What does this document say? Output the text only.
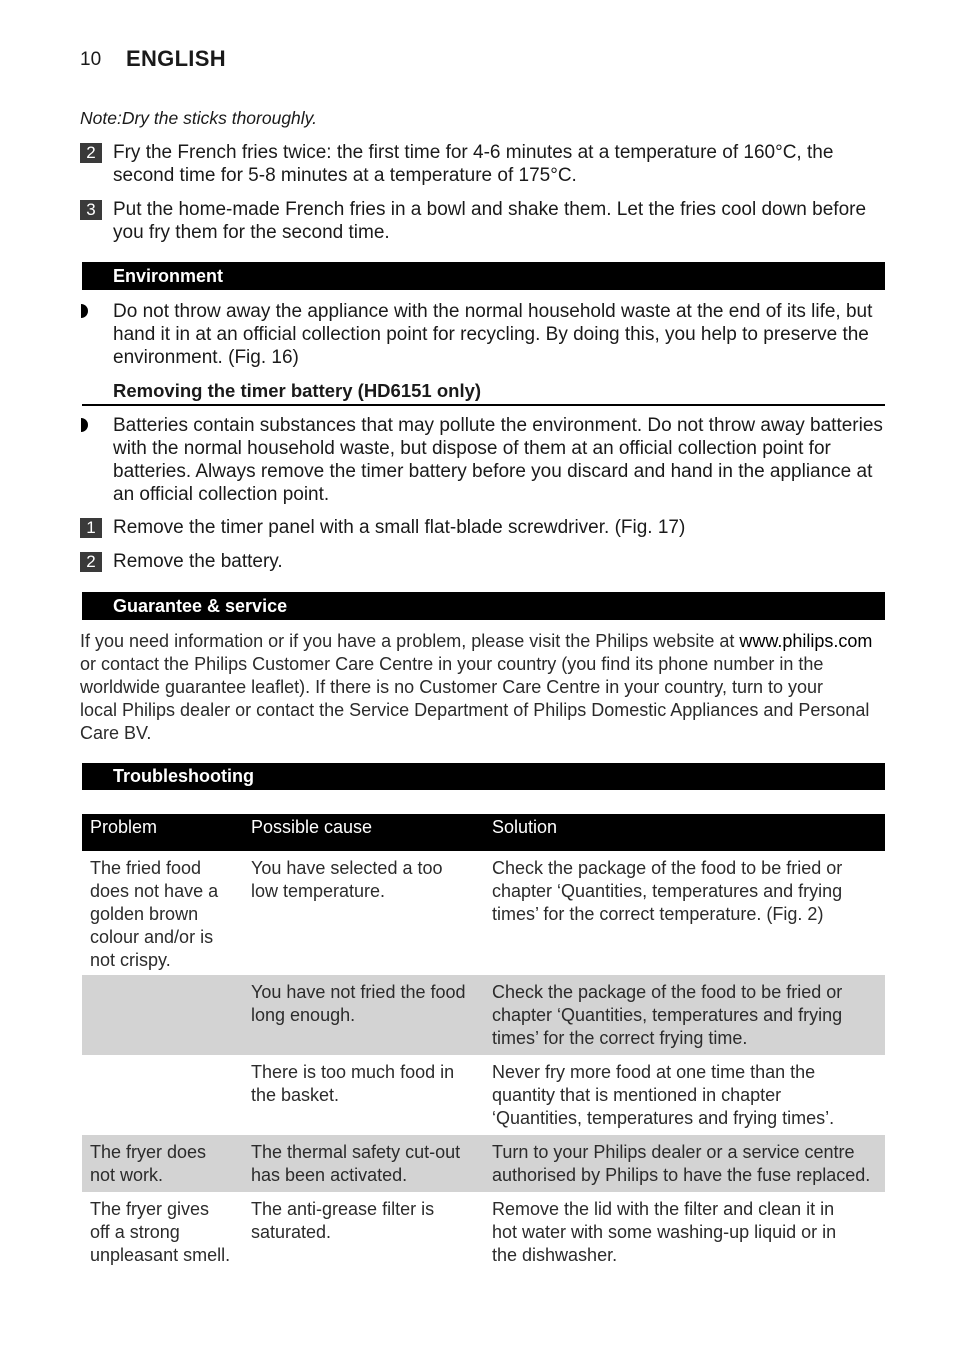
10 ENGLISH
Note:Dry the sticks thoroughly.
2 Fry the French fries twice: the first time for 4-6 minutes at a temperature of 160°C, the
second time for 5-8 minutes at a temperature of 175°C.
3 Put the home-made French fries in a bowl and shake them. Let the fries cool down before
you fry them for the second time.
Environment
Do not throw away the appliance with the normal household waste at the end of its life, but
hand it in at an official collection point for recycling. By doing this, you help to preserve the
environment. (Fig. 16)
Removing the timer battery (HD6151 only)
Batteries contain substances that may pollute the environment. Do not throw away batteries
with the normal household waste, but dispose of them at an official collection point for
batteries. Always remove the timer battery before you discard and hand in the appliance at
an official collection point.
1 Remove the timer panel with a small flat-blade screwdriver. (Fig. 17)
2 Remove the battery.
Guarantee & service
If you need information or if you have a problem, please visit the Philips website at www.philips.com
or contact the Philips Customer Care Centre in your country (you find its phone number in the
worldwide guarantee leaflet). If there is no Customer Care Centre in your country, turn to your
local Philips dealer or contact the Service Department of Philips Domestic Appliances and Personal
Care BV.
Troubleshooting
Problem	Possible cause	Solution
The fried food
does not have a
golden brown
colour and/or is
not crispy.	You have selected a too
low temperature.	Check the package of the food to be fried or
chapter ‘Quantities, temperatures and frying
times’ for the correct temperature. (Fig. 2)
	You have not fried the food
long enough.	Check the package of the food to be fried or
chapter ‘Quantities, temperatures and frying
times’ for the correct frying time.
	There is too much food in
the basket.	Never fry more food at one time than the
quantity that is mentioned in chapter
‘Quantities, temperatures and frying times’.
The fryer does
not work.	The thermal safety cut-out
has been activated.	Turn to your Philips dealer or a service centre
authorised by Philips to have the fuse replaced.
The fryer gives
off a strong
unpleasant smell.	The anti-grease filter is
saturated.	Remove the lid with the filter and clean it in
hot water with some washing-up liquid or in
the dishwasher.
